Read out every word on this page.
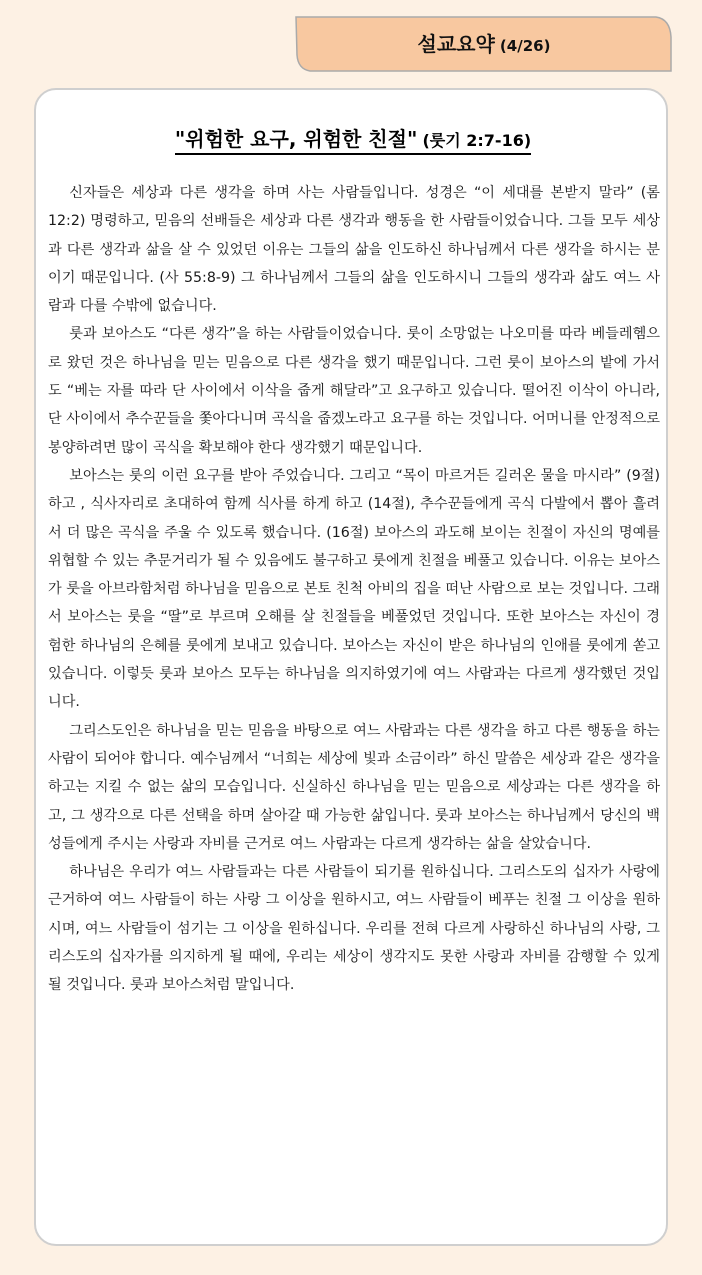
설교요약 (4/26)
"위험한 요구, 위험한 친절" (룻기 2:7-16)

신자들은 세상과 다른 생각을 하며 사는 사람들입니다. 성경은 “이 세대를 본받지 말라” (롬 12:2) 명령하고, 믿음의 선배들은 세상과 다른 생각과 행동을 한 사람들이었습니다. 그들 모두 세상과 다른 생각과 삶을 살 수 있었던 이유는 그들의 삶을 인도하신 하나님께서 다른 생각을 하시는 분이기 때문입니다. (사 55:8-9) 그 하나님께서 그들의 삶을 인도하시니 그들의 생각과 삶도 여느 사람과 다를 수밖에 없습니다.

룻과 보아스도 “다른 생각”을 하는 사람들이었습니다. 룻이 소망없는 나오미를 따라 베들레헴으로 왔던 것은 하나님을 믿는 믿음으로 다른 생각을 했기 때문입니다. 그런 룻이 보아스의 밭에 가서도 “베는 자를 따라 단 사이에서 이삭을 줍게 해달라”고 요구하고 있습니다. 떨어진 이삭이 아니라, 단 사이에서 추수꾼들을 쫓아다니며 곡식을 줍겠노라고 요구를 하는 것입니다. 어머니를 안정적으로 봉양하려면 많이 곡식을 확보해야 한다 생각했기 때문입니다.

보아스는 룻의 이런 요구를 받아 주었습니다. 그리고 “목이 마르거든 길러온 물을 마시라” (9절) 하고 , 식사자리로 초대하여 함께 식사를 하게 하고 (14절), 추수꾼들에게 곡식 다발에서 뽑아 흘려서 더 많은 곡식을 주울 수 있도록 했습니다. (16절) 보아스의 과도해 보이는 친절이 자신의 명예를 위협할 수 있는 추문거리가 될 수 있음에도 불구하고 룻에게 친절을 베풀고 있습니다. 이유는 보아스가 룻을 아브라함처럼 하나님을 믿음으로 본토 친척 아비의 집을 떠난 사람으로 보는 것입니다. 그래서 보아스는 룻을 “딸”로 부르며 오해를 살 친절들을 베풀었던 것입니다. 또한 보아스는 자신이 경험한 하나님의 은혜를 룻에게 보내고 있습니다. 보아스는 자신이 받은 하나님의 인애를 룻에게 쏟고 있습니다. 이렇듯 룻과 보아스 모두는 하나님을 의지하였기에 여느 사람과는 다르게 생각했던 것입니다.

그리스도인은 하나님을 믿는 믿음을 바탕으로 여느 사람과는 다른 생각을 하고 다른 행동을 하는 사람이 되어야 합니다. 예수님께서 “너희는 세상에 빛과 소금이라” 하신 말씀은 세상과 같은 생각을 하고는 지킬 수 없는 삶의 모습입니다. 신실하신 하나님을 믿는 믿음으로 세상과는 다른 생각을 하고, 그 생각으로 다른 선택을 하며 살아갈 때 가능한 삶입니다. 룻과 보아스는 하나님께서 당신의 백성들에게 주시는 사랑과 자비를 근거로 여느 사람과는 다르게 생각하는 삶을 살았습니다.

하나님은 우리가 여느 사람들과는 다른 사람들이 되기를 원하십니다. 그리스도의 십자가 사랑에 근거하여 여느 사람들이 하는 사랑 그 이상을 원하시고, 여느 사람들이 베푸는 친절 그 이상을 원하시며, 여느 사람들이 섬기는 그 이상을 원하십니다. 우리를 전혀 다르게 사랑하신 하나님의 사랑, 그리스도의 십자가를 의지하게 될 때에, 우리는 세상이 생각지도 못한 사랑과 자비를 감행할 수 있게 될 것입니다. 룻과 보아스처럼 말입니다.
